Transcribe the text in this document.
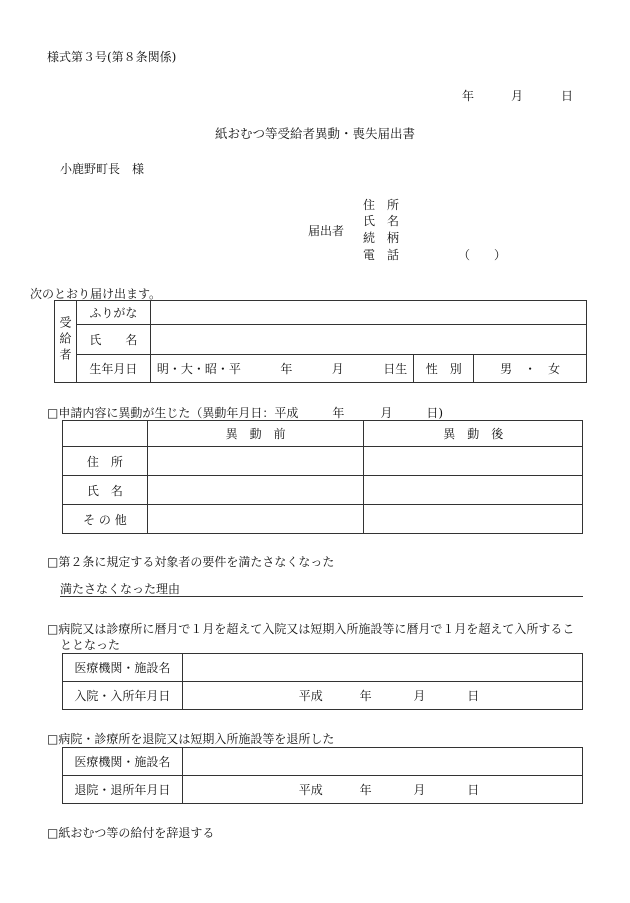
様式第３号(第８条関係)
年	月	日
紙おむつ等受給者異動・喪失届出書
小鹿野町長　様
届出者
住　所
氏　名
続　柄
電　話	（　　）
次のとおり届け出ます。
受給者	ふりがな			
	氏　　名			
	生年月日	明・大・昭・平 年 月 日生	性　別	男　・　女
□申請内容に異動が生じた（異動年月日：平成	年	月	日)
	異　動　前	異　動　後
住　所		
氏　名		
そ の 他		
□第２条に規定する対象者の要件を満たさなくなった
満たさなくなった理由
□病院又は診療所に暦月で１月を超えて入院又は短期入所施設等に暦月で１月を超えて入所するこ
ととなった
医療機関・施設名	
入院・入所年月日	平成 年 月 日
□病院・診療所を退院又は短期入所施設等を退所した
医療機関・施設名	
退院・退所年月日	平成 年 月 日
□紙おむつ等の給付を辞退する
